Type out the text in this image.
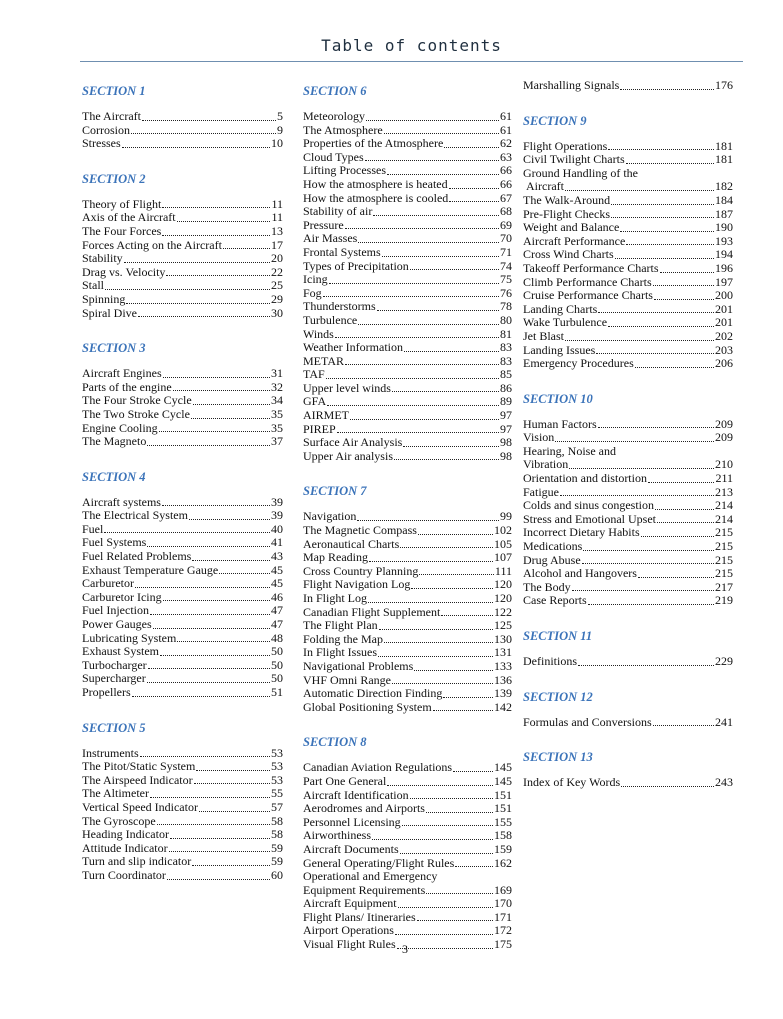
Table of contents
SECTION 1
The Aircraft	5
Corrosion	9
Stresses	10
SECTION 2
Theory of Flight	11
Axis of the Aircraft	11
The Four Forces	13
Forces Acting on the Aircraft	17
Stability	20
Drag vs. Velocity	22
Stall	25
Spinning	29
Spiral Dive	30
SECTION 3
Aircraft Engines	31
Parts of the engine	32
The Four Stroke Cycle	34
The Two Stroke Cycle	35
Engine Cooling	35
The Magneto	37
SECTION 4
Aircraft systems	39
The Electrical System	39
Fuel	40
Fuel Systems	41
Fuel Related Problems	43
Exhaust Temperature Gauge	45
Carburetor	45
Carburetor Icing	46
Fuel Injection	47
Power Gauges	47
Lubricating System	48
Exhaust System	50
Turbocharger	50
Supercharger	50
Propellers	51
SECTION 5
Instruments	53
The Pitot/Static System	53
The Airspeed Indicator	53
The Altimeter	55
Vertical Speed Indicator	57
The Gyroscope	58
Heading Indicator	58
Attitude Indicator	59
Turn and slip indicator	59
Turn Coordinator	60
SECTION 6
Meteorology	61
The Atmosphere	61
Properties of the Atmosphere	62
Cloud Types	63
Lifting Processes	66
How the atmosphere is heated	66
How the atmosphere is cooled	67
Stability of air	68
Pressure	69
Air Masses	70
Frontal Systems	71
Types of Precipitation	74
Icing	75
Fog	76
Thunderstorms	78
Turbulence	80
Winds	81
Weather Information	83
METAR	83
TAF	85
Upper level winds	86
GFA	89
AIRMET	97
PIREP	97
Surface Air Analysis	98
Upper Air analysis	98
SECTION 7
Navigation	99
The Magnetic Compass	102
Aeronautical Charts	105
Map Reading	107
Cross Country Planning	111
Flight Navigation Log	120
In Flight Log	120
Canadian Flight Supplement	122
The Flight Plan	125
Folding the Map	130
In Flight Issues	131
Navigational Problems	133
VHF Omni Range	136
Automatic Direction Finding	139
Global Positioning System	142
SECTION 8
Canadian Aviation Regulations	145
Part One General	145
Aircraft Identification	151
Aerodromes and Airports	151
Personnel Licensing	155
Airworthiness	158
Aircraft Documents	159
General Operating/Flight Rules	162
Operational and Emergency
Equipment Requirements	169
Aircraft Equipment	170
Flight Plans/ Itineraries	171
Airport Operations	172
Visual Flight Rules	175
Marshalling Signals	176
SECTION 9
Flight Operations	181
Civil Twilight Charts	181
Ground Handling of the
Aircraft	182
The Walk-Around	184
Pre-Flight Checks	187
Weight and Balance	190
Aircraft Performance	193
Cross Wind Charts	194
Takeoff Performance Charts	196
Climb Performance Charts	197
Cruise Performance Charts	200
Landing Charts	201
Wake Turbulence	201
Jet Blast	202
Landing Issues	203
Emergency Procedures	206
SECTION 10
Human Factors	209
Vision	209
Hearing, Noise and
Vibration	210
Orientation and distortion	211
Fatigue	213
Colds and sinus congestion	214
Stress and Emotional Upset	214
Incorrect Dietary Habits	215
Medications	215
Drug Abuse	215
Alcohol and Hangovers	215
The Body	217
Case Reports	219
SECTION 11
Definitions	229
SECTION 12
Formulas and Conversions	241
SECTION 13
Index of Key Words	243
3
